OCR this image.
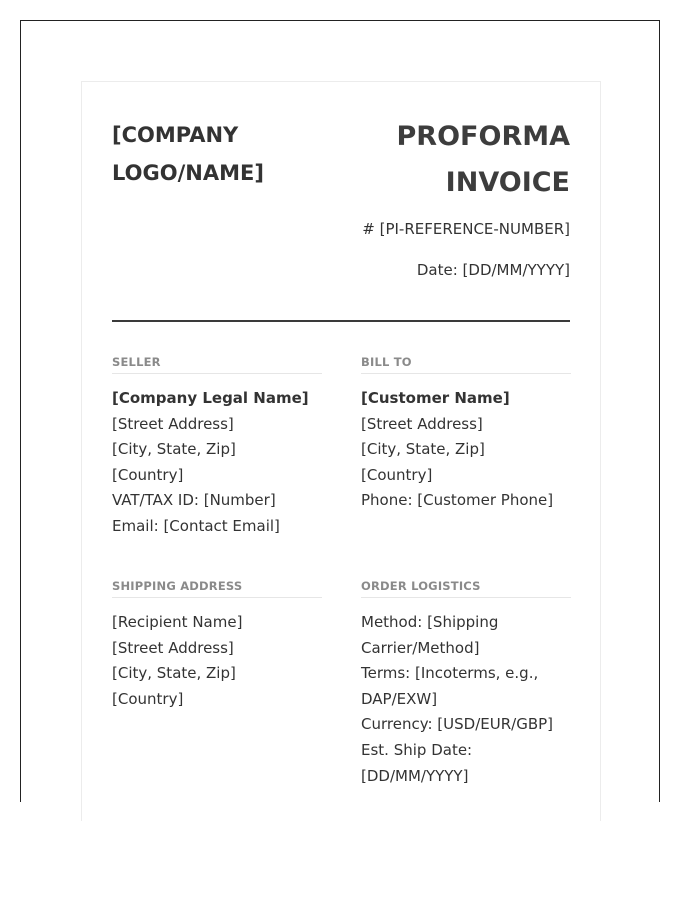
[COMPANY
LOGO/NAME]
PROFORMA
INVOICE
# [PI-REFERENCE-NUMBER]
Date: [DD/MM/YYYY]
SELLER
[Company Legal Name]
[Street Address]
[City, State, Zip]
[Country]
VAT/TAX ID: [Number]
Email: [Contact Email]
BILL TO
[Customer Name]
[Street Address]
[City, State, Zip]
[Country]
Phone: [Customer Phone]
SHIPPING ADDRESS
[Recipient Name]
[Street Address]
[City, State, Zip]
[Country]
ORDER LOGISTICS
Method: [Shipping
Carrier/Method]
Terms: [Incoterms, e.g.,
DAP/EXW]
Currency: [USD/EUR/GBP]
Est. Ship Date:
[DD/MM/YYYY]
